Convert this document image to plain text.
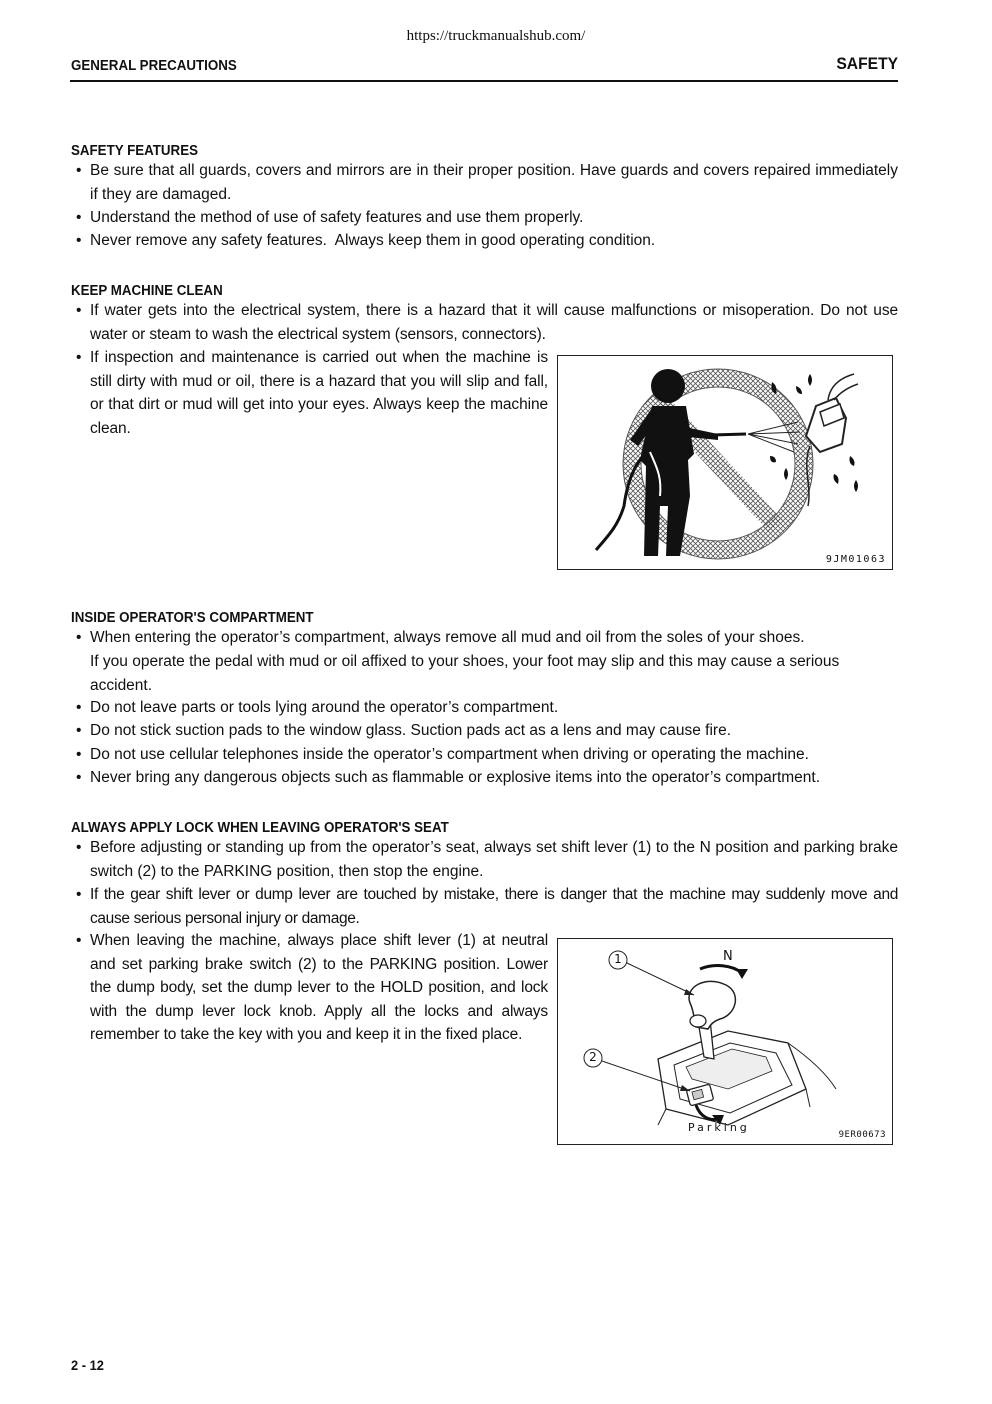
https://truckmanualshub.com/
GENERAL PRECAUTIONS	SAFETY
SAFETY FEATURES
• Be sure that all guards, covers and mirrors are in their proper position. Have guards and covers repaired immediately if they are damaged.
• Understand the method of use of safety features and use them properly.
• Never remove any safety features.  Always keep them in good operating condition.
KEEP MACHINE CLEAN
• If water gets into the electrical system, there is a hazard that it will cause malfunctions or misoperation. Do not use water or steam to wash the electrical system (sensors, connectors).
• If inspection and maintenance is carried out when the machine is still dirty with mud or oil, there is a hazard that you will slip and fall, or that dirt or mud will get into your eyes. Always keep the machine clean.
9JM01063
INSIDE OPERATOR'S COMPARTMENT
• When entering the operator’s compartment, always remove all mud and oil from the soles of your shoes.
If you operate the pedal with mud or oil affixed to your shoes, your foot may slip and this may cause a serious accident.
• Do not leave parts or tools lying around the operator’s compartment.
• Do not stick suction pads to the window glass. Suction pads act as a lens and may cause fire.
• Do not use cellular telephones inside the operator’s compartment when driving or operating the machine.
• Never bring any dangerous objects such as flammable or explosive items into the operator’s compartment.
ALWAYS APPLY LOCK WHEN LEAVING OPERATOR'S SEAT
• Before adjusting or standing up from the operator’s seat, always set shift lever (1) to the N position and parking brake switch (2) to the PARKING position, then stop the engine.
• If the gear shift lever or dump lever are touched by mistake, there is danger that the machine may suddenly move and cause serious personal injury or damage.
• When leaving the machine, always place shift lever (1) at neutral and set parking brake switch (2) to the PARKING position. Lower the dump body, set the dump lever to the HOLD position, and lock with the dump lever lock knob. Apply all the locks and always remember to take the key with you and keep it in the fixed place.
1
2
N
Parking
9ER00673
2 - 12
